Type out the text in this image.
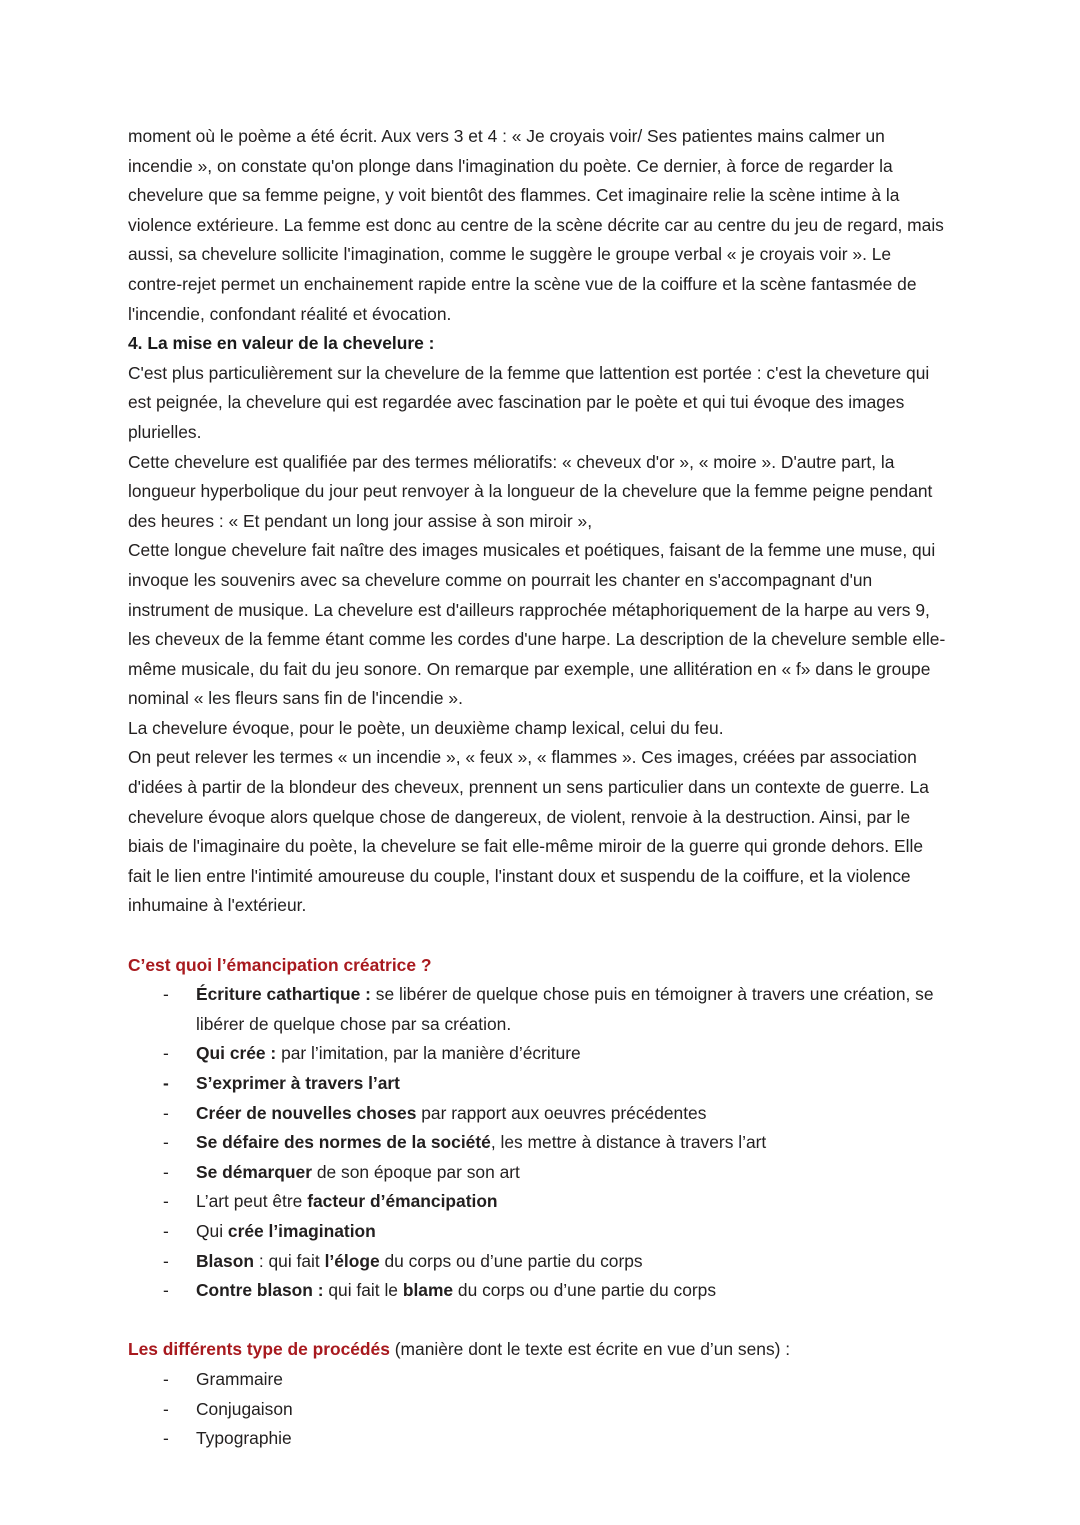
moment où le poème a été écrit. Aux vers 3 et 4 : « Je croyais voir/ Ses patientes mains calmer un incendie », on constate qu'on plonge dans l'imagination du poète. Ce dernier, à force de regarder la chevelure que sa femme peigne, y voit bientôt des flammes. Cet imaginaire relie la scène intime à la violence extérieure. La femme est donc au centre de la scène décrite car au centre du jeu de regard, mais aussi, sa chevelure sollicite l'imagination, comme le suggère le groupe verbal « je croyais voir ». Le contre-rejet permet un enchainement rapide entre la scène vue de la coiffure et la scène fantasmée de l'incendie, confondant réalité et évocation.

4. La mise en valeur de la chevelure :

C'est plus particulièrement sur la chevelure de la femme que lattention est portée : c'est la cheveture qui est peignée, la chevelure qui est regardée avec fascination par le poète et qui tui évoque des images plurielles.

Cette chevelure est qualifiée par des termes mélioratifs: « cheveux d'or », « moire ». D'autre part, la longueur hyperbolique du jour peut renvoyer à la longueur de la chevelure que la femme peigne pendant des heures : « Et pendant un long jour assise à son miroir »,

Cette longue chevelure fait naître des images musicales et poétiques, faisant de la femme une muse, qui invoque les souvenirs avec sa chevelure comme on pourrait les chanter en s'accompagnant d'un instrument de musique. La chevelure est d'ailleurs rapprochée métaphoriquement de la harpe au vers 9, les cheveux de la femme étant comme les cordes d'une harpe. La description de la chevelure semble elle-même musicale, du fait du jeu sonore. On remarque par exemple, une allitération en « f» dans le groupe nominal « les fleurs sans fin de l'incendie ».

La chevelure évoque, pour le poète, un deuxième champ lexical, celui du feu.

On peut relever les termes « un incendie », « feux », « flammes ». Ces images, créées par association d'idées à partir de la blondeur des cheveux, prennent un sens particulier dans un contexte de guerre. La chevelure évoque alors quelque chose de dangereux, de violent, renvoie à la destruction. Ainsi, par le biais de l'imaginaire du poète, la chevelure se fait elle-même miroir de la guerre qui gronde dehors. Elle fait le lien entre l'intimité amoureuse du couple, l'instant doux et suspendu de la coiffure, et la violence inhumaine à l'extérieur.

C’est quoi l’émancipation créatrice ?

-	Écriture cathartique : se libérer de quelque chose puis en témoigner à travers une création, se libérer de quelque chose par sa création.
-	Qui crée : par l’imitation, par la manière d’écriture
-	S’exprimer à travers l’art
-	Créer de nouvelles choses par rapport aux oeuvres précédentes
-	Se défaire des normes de la société, les mettre à distance à travers l’art
-	Se démarquer de son époque par son art
-	L’art peut être facteur d’émancipation
-	Qui crée l’imagination
-	Blason : qui fait l’éloge du corps ou d’une partie du corps
-	Contre blason : qui fait le blame du corps ou d’une partie du corps

Les différents type de procédés (manière dont le texte est écrite en vue d’un sens) :

-	Grammaire
-	Conjugaison
-	Typographie
